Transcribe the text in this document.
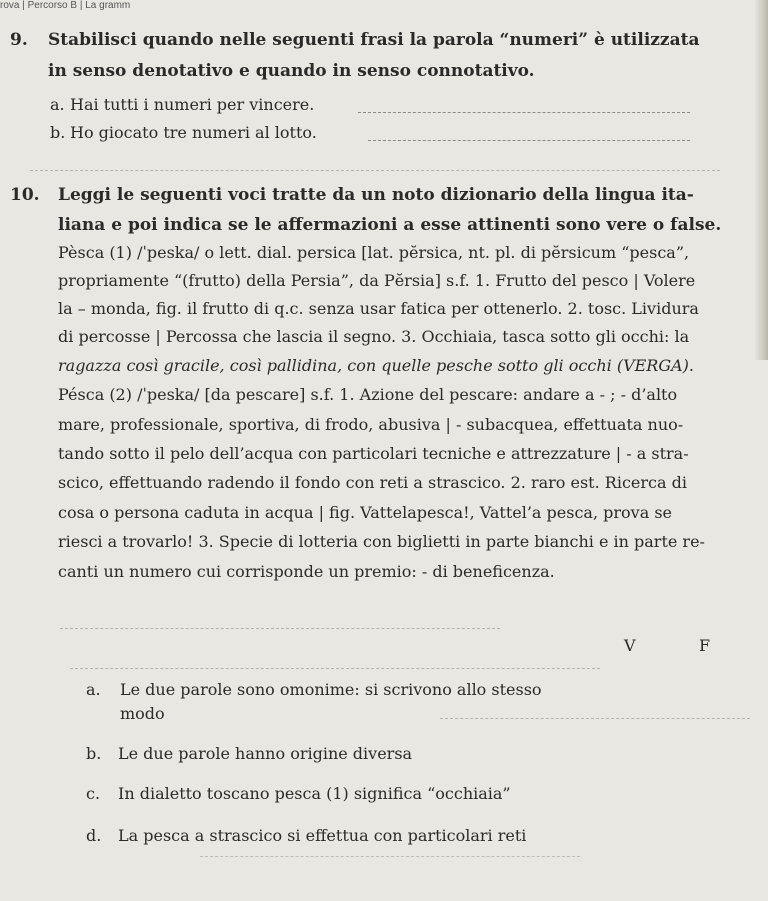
rova | Percorso B | La gramm
9. Stabilisci quando nelle seguenti frasi la parola “numeri” è utilizzata
in senso denotativo e quando in senso connotativo.
a. Hai tutti i numeri per vincere.
b. Ho giocato tre numeri al lotto.
10. Leggi le seguenti voci tratte da un noto dizionario della lingua ita-
liana e poi indica se le affermazioni a esse attinenti sono vere o false.
Pèsca (1) /ˈpeska/ o lett. dial. persica [lat. pĕrsica, nt. pl. di pĕrsicum “pesca”,
propriamente “(frutto) della Persia”, da Pĕrsia] s.f. 1. Frutto del pesco | Volere
la – monda, fig. il frutto di q.c. senza usar fatica per ottenerlo. 2. tosc. Lividura
di percosse | Percossa che lascia il segno. 3. Occhiaia, tasca sotto gli occhi: la
ragazza così gracile, così pallidina, con quelle pesche sotto gli occhi (VERGA).
Pésca (2) /ˈpeska/ [da pescare] s.f. 1. Azione del pescare: andare a - ; - d’alto
mare, professionale, sportiva, di frodo, abusiva | - subacquea, effettuata nuo-
tando sotto il pelo dell’acqua con particolari tecniche e attrezzature | - a stra-
scico, effettuando radendo il fondo con reti a strascico. 2. raro est. Ricerca di
cosa o persona caduta in acqua | fig. Vattelapesca!, Vattel’a pesca, prova se
riesci a trovarlo! 3. Specie di lotteria con biglietti in parte bianchi e in parte re-
canti un numero cui corrisponde un premio: - di beneficenza.
V	F
a. Le due parole sono omonime: si scrivono allo stesso
modo
b. Le due parole hanno origine diversa
c. In dialetto toscano pesca (1) significa “occhiaia”
d. La pesca a strascico si effettua con particolari reti
